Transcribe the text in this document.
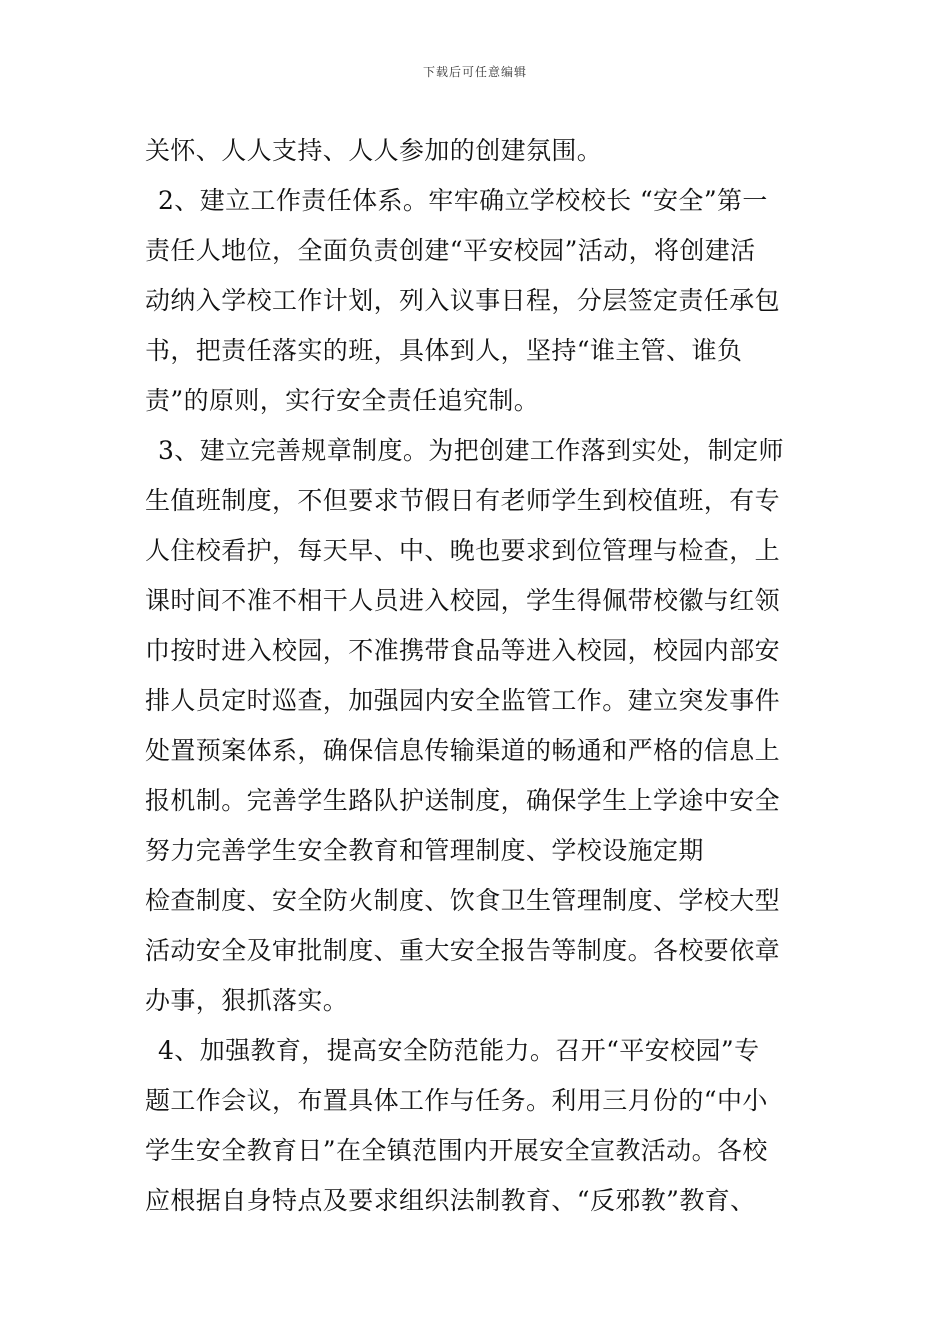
下载后可任意编辑
关怀、人人支持、人人参加的创建氛围。
2、建立工作责任体系。牢牢确立学校校长 “安全”第一
责任人地位，全面负责创建“平安校园”活动，将创建活
动纳入学校工作计划，列入议事日程，分层签定责任承包
书，把责任落实的班，具体到人，坚持“谁主管、谁负
责”的原则，实行安全责任追究制。
3、建立完善规章制度。为把创建工作落到实处，制定师
生值班制度，不但要求节假日有老师学生到校值班，有专
人住校看护，每天早、中、晚也要求到位管理与检查，上
课时间不准不相干人员进入校园，学生得佩带校徽与红领
巾按时进入校园，不准携带食品等进入校园，校园内部安
排人员定时巡查，加强园内安全监管工作。建立突发事件
处置预案体系，确保信息传输渠道的畅通和严格的信息上
报机制。完善学生路队护送制度，确保学生上学途中安全
努力完善学生安全教育和管理制度、学校设施定期
检查制度、安全防火制度、饮食卫生管理制度、学校大型
活动安全及审批制度、重大安全报告等制度。各校要依章
办事，狠抓落实。
4、加强教育，提高安全防范能力。召开“平安校园”专
题工作会议，布置具体工作与任务。利用三月份的“中小
学生安全教育日”在全镇范围内开展安全宣教活动。各校
应根据自身特点及要求组织法制教育、“反邪教”教育、
